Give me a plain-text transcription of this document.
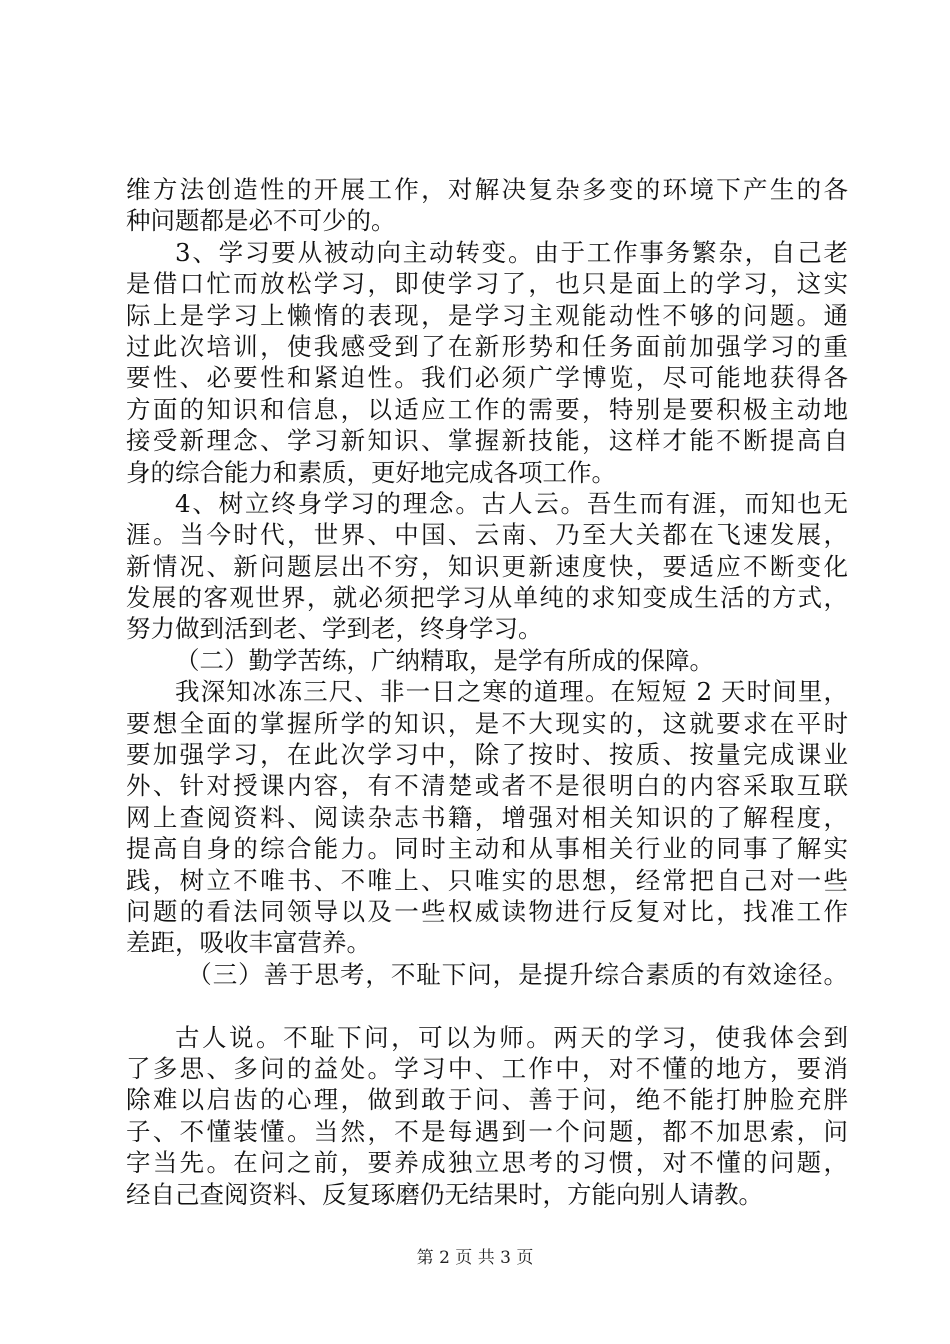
维方法创造性的开展工作，对解决复杂多变的环境下产生的各
种问题都是必不可少的。
3、学习要从被动向主动转变。由于工作事务繁杂，自己老
是借口忙而放松学习，即使学习了，也只是面上的学习，这实
际上是学习上懒惰的表现，是学习主观能动性不够的问题。通
过此次培训，使我感受到了在新形势和任务面前加强学习的重
要性、必要性和紧迫性。我们必须广学博览，尽可能地获得各
方面的知识和信息，以适应工作的需要，特别是要积极主动地
接受新理念、学习新知识、掌握新技能，这样才能不断提高自
身的综合能力和素质，更好地完成各项工作。
4、树立终身学习的理念。古人云。吾生而有涯，而知也无
涯。当今时代，世界、中国、云南、乃至大关都在飞速发展，
新情况、新问题层出不穷，知识更新速度快，要适应不断变化
发展的客观世界，就必须把学习从单纯的求知变成生活的方式，
努力做到活到老、学到老，终身学习。
（二）勤学苦练，广纳精取，是学有所成的保障。
我深知冰冻三尺、非一日之寒的道理。在短短 2 天时间里，
要想全面的掌握所学的知识，是不大现实的，这就要求在平时
要加强学习，在此次学习中，除了按时、按质、按量完成课业
外、针对授课内容，有不清楚或者不是很明白的内容采取互联
网上查阅资料、阅读杂志书籍，增强对相关知识的了解程度，
提高自身的综合能力。同时主动和从事相关行业的同事了解实
践，树立不唯书、不唯上、只唯实的思想，经常把自己对一些
问题的看法同领导以及一些权威读物进行反复对比，找准工作
差距，吸收丰富营养。
（三）善于思考，不耻下问，是提升综合素质的有效途径。
古人说。不耻下问，可以为师。两天的学习，使我体会到
了多思、多问的益处。学习中、工作中，对不懂的地方，要消
除难以启齿的心理，做到敢于问、善于问，绝不能打肿脸充胖
子、不懂装懂。当然，不是每遇到一个问题，都不加思索，问
字当先。在问之前，要养成独立思考的习惯，对不懂的问题，
经自己查阅资料、反复琢磨仍无结果时，方能向别人请教。
第 2 页 共 3 页
